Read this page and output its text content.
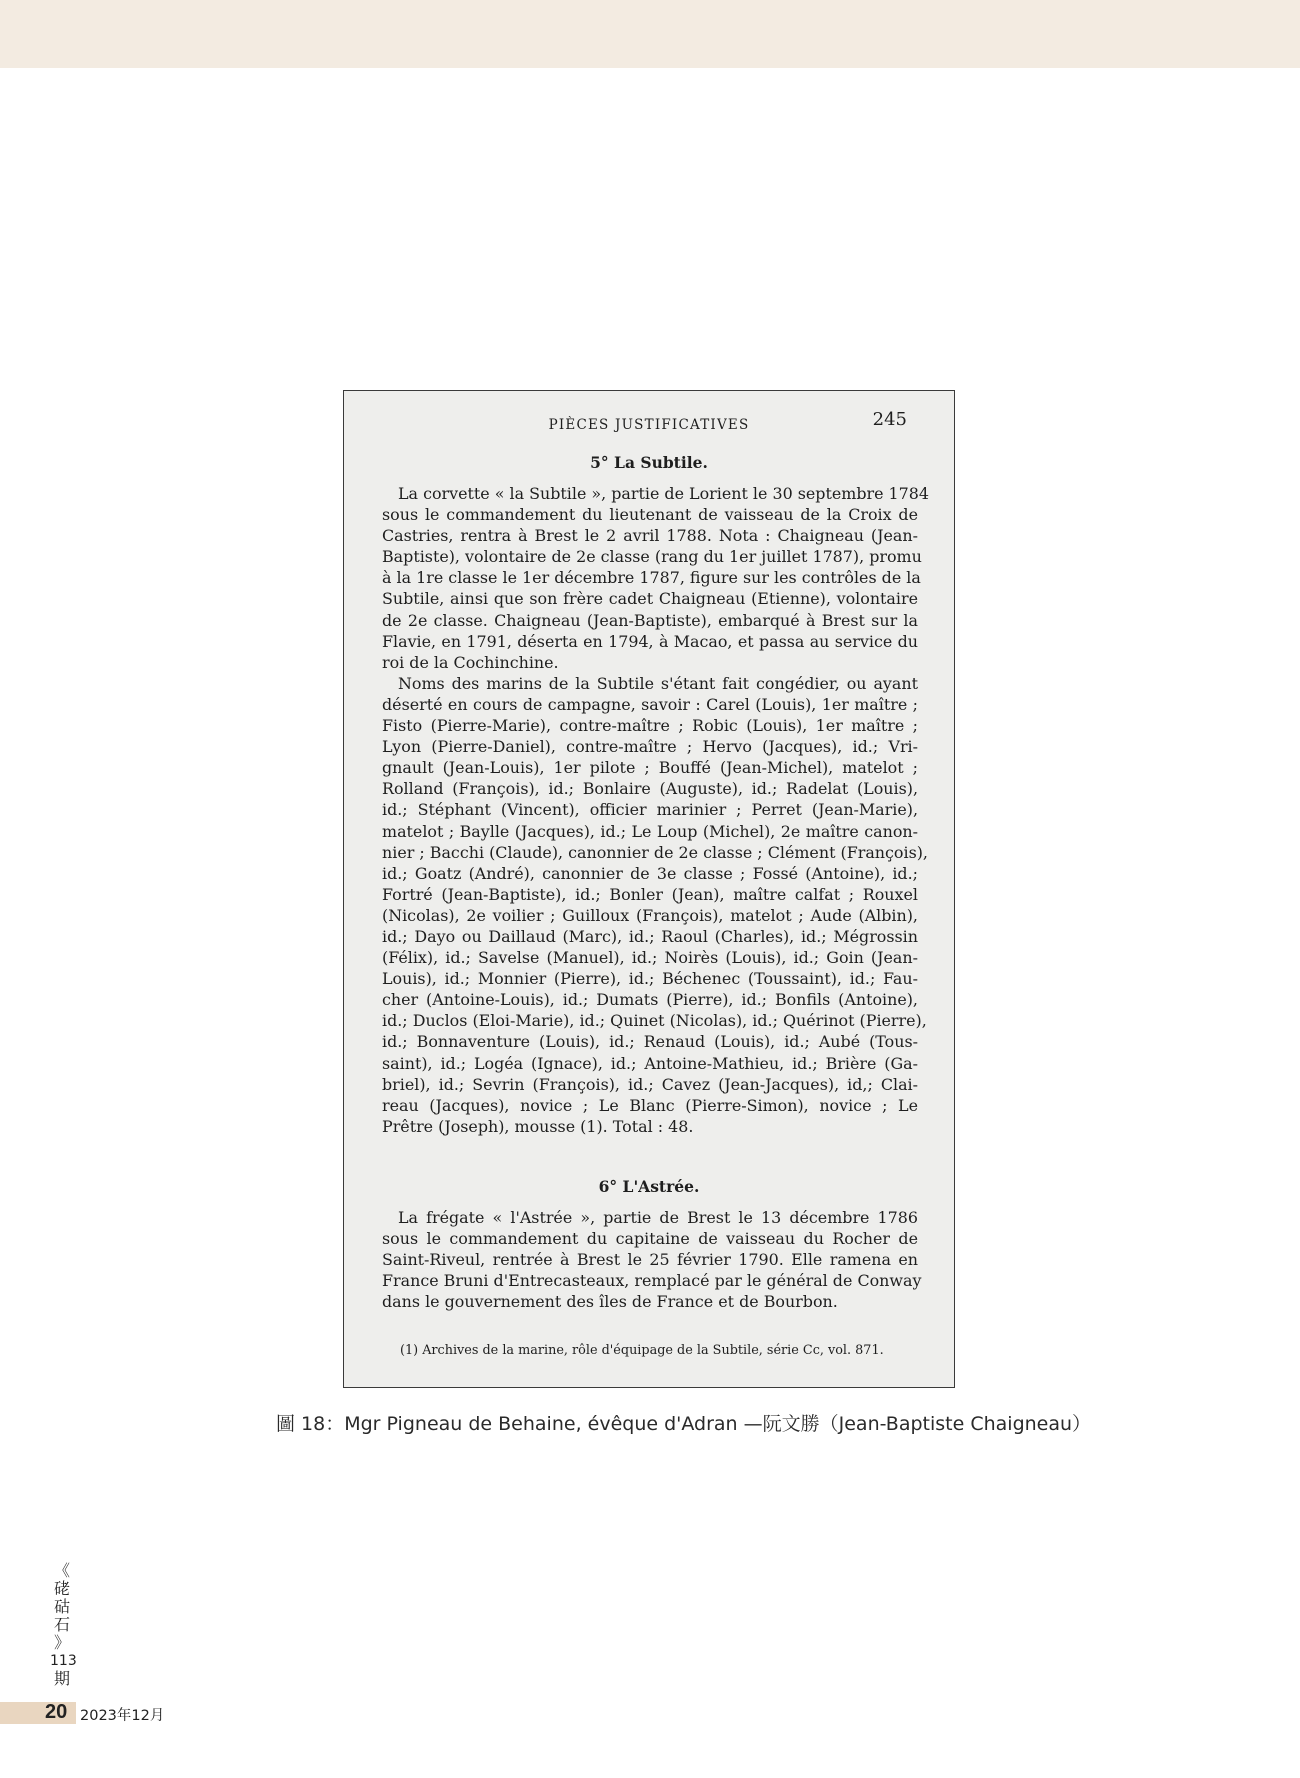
PIÈCES JUSTIFICATIVES	245
5° La Subtile.
La corvette « la Subtile », partie de Lorient le 30 septembre 1784
sous le commandement du lieutenant de vaisseau de la Croix de
Castries, rentra à Brest le 2 avril 1788. Nota : Chaigneau (Jean-
Baptiste), volontaire de 2e classe (rang du 1er juillet 1787), promu
à la 1re classe le 1er décembre 1787, figure sur les contrôles de la
Subtile, ainsi que son frère cadet Chaigneau (Etienne), volontaire
de 2e classe. Chaigneau (Jean-Baptiste), embarqué à Brest sur la
Flavie, en 1791, déserta en 1794, à Macao, et passa au service du
roi de la Cochinchine.
Noms des marins de la Subtile s'étant fait congédier, ou ayant
déserté en cours de campagne, savoir : Carel (Louis), 1er maître ;
Fisto (Pierre-Marie), contre-maître ; Robic (Louis), 1er maître ;
Lyon (Pierre-Daniel), contre-maître ; Hervo (Jacques), id.; Vri-
gnault (Jean-Louis), 1er pilote ; Bouffé (Jean-Michel), matelot ;
Rolland (François), id.; Bonlaire (Auguste), id.; Radelat (Louis),
id.; Stéphant (Vincent), officier marinier ; Perret (Jean-Marie),
matelot ; Baylle (Jacques), id.; Le Loup (Michel), 2e maître canon-
nier ; Bacchi (Claude), canonnier de 2e classe ; Clément (François),
id.; Goatz (André), canonnier de 3e classe ; Fossé (Antoine), id.;
Fortré (Jean-Baptiste), id.; Bonler (Jean), maître calfat ; Rouxel
(Nicolas), 2e voilier ; Guilloux (François), matelot ; Aude (Albin),
id.; Dayo ou Daillaud (Marc), id.; Raoul (Charles), id.; Mégrossin
(Félix), id.; Savelse (Manuel), id.; Noirès (Louis), id.; Goin (Jean-
Louis), id.; Monnier (Pierre), id.; Béchenec (Toussaint), id.; Fau-
cher (Antoine-Louis), id.; Dumats (Pierre), id.; Bonfils (Antoine),
id.; Duclos (Eloi-Marie), id.; Quinet (Nicolas), id.; Quérinot (Pierre),
id.; Bonnaventure (Louis), id.; Renaud (Louis), id.; Aubé (Tous-
saint), id.; Logéa (Ignace), id.; Antoine-Mathieu, id.; Brière (Ga-
briel), id.; Sevrin (François), id.; Cavez (Jean-Jacques), id,; Clai-
reau (Jacques), novice ; Le Blanc (Pierre-Simon), novice ; Le
Prêtre (Joseph), mousse (1). Total : 48.
6° L'Astrée.
La frégate « l'Astrée », partie de Brest le 13 décembre 1786
sous le commandement du capitaine de vaisseau du Rocher de
Saint-Riveul, rentrée à Brest le 25 février 1790. Elle ramena en
France Bruni d'Entrecasteaux, remplacé par le général de Conway
dans le gouvernement des îles de France et de Bourbon.
(1) Archives de la marine, rôle d'équipage de la Subtile, série Cc, vol. 871.
圖 18：Mgr Pigneau de Behaine, évêque d'Adran —阮文勝（Jean-Baptiste Chaigneau）
《
硓
𥑮
石
》
113
期
20 2023年12月
